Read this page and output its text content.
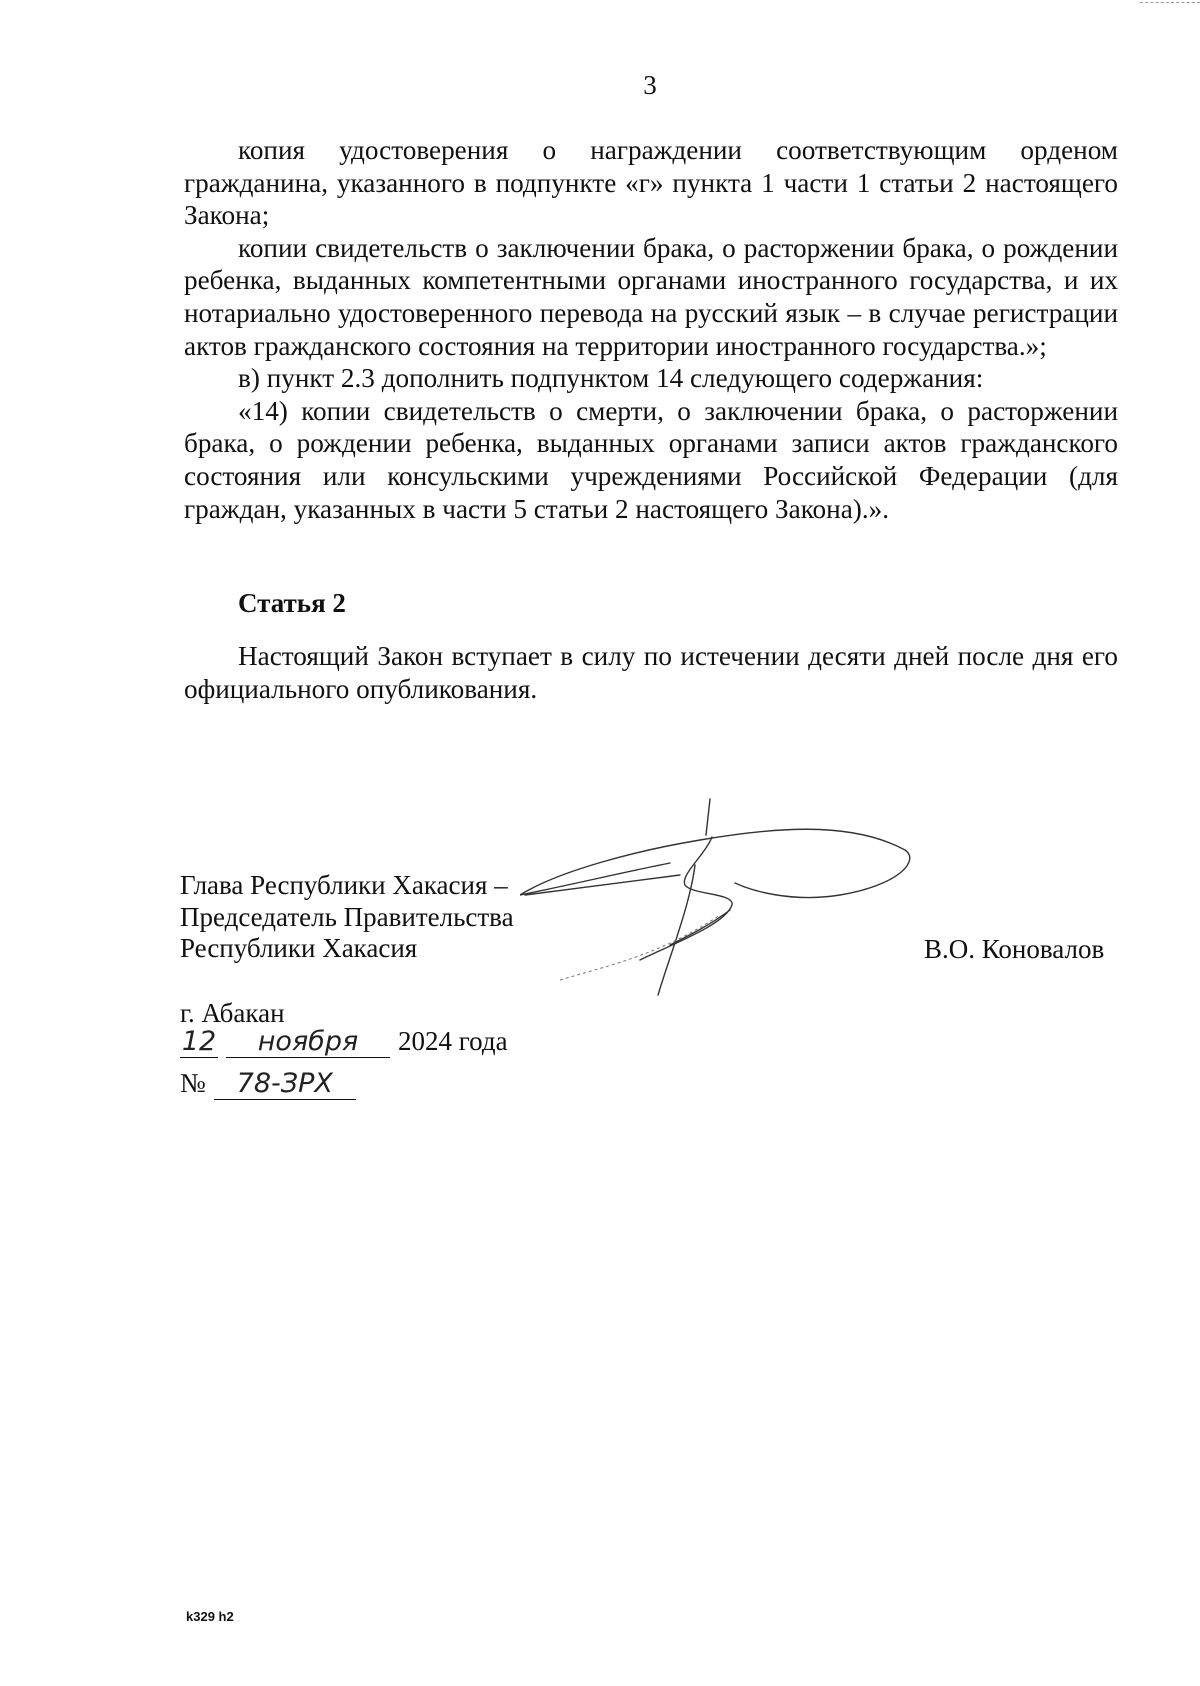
3

копия удостоверения о награждении соответствующим орденом гражданина, указанного в подпункте «г» пункта 1 части 1 статьи 2 настоящего Закона;

копии свидетельств о заключении брака, о расторжении брака, о рождении ребенка, выданных компетентными органами иностранного государства, и их нотариально удостоверенного перевода на русский язык – в случае регистрации актов гражданского состояния на территории иностранного государства.»;

в) пункт 2.3 дополнить подпунктом 14 следующего содержания:

«14) копии свидетельств о смерти, о заключении брака, о расторжении брака, о рождении ребенка, выданных органами записи актов гражданского состояния или консульскими учреждениями Российской Федерации (для граждан, указанных в части 5 статьи 2 настоящего Закона).».

Статья 2
Настоящий Закон вступает в силу по истечении десяти дней после дня его официального опубликования.
Глава Республики Хакасия –
Председатель Правительства
Республики Хакасия	В.О. Коновалов
г. Абакан
12 ноября 2024 года
№ 78-ЗРХ
k329 h2
